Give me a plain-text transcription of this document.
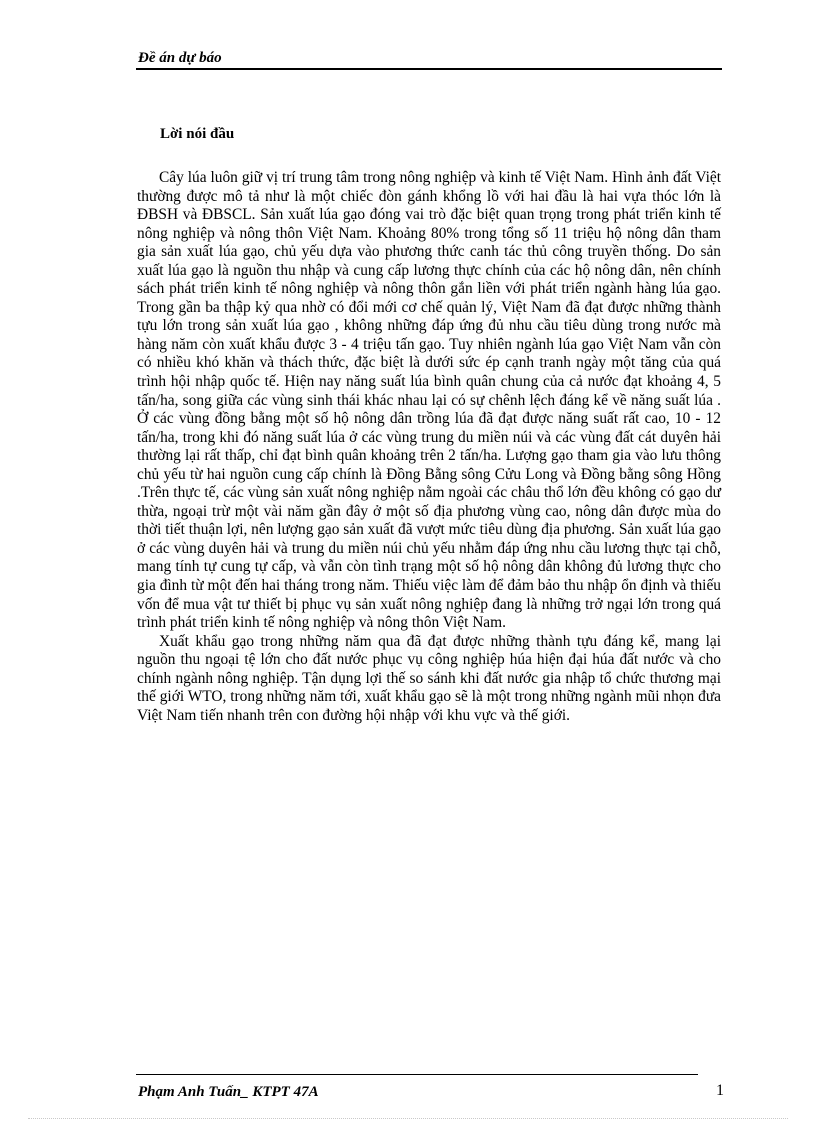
Đề án dự báo
Lời nói đầu

Cây lúa luôn giữ vị trí trung tâm trong nông nghiệp và kinh tế Việt Nam. Hình ảnh đất Việt thường được mô tả như là một chiếc đòn gánh khổng lồ với hai đầu là hai vựa thóc lớn là ĐBSH và ĐBSCL. Sản xuất lúa gạo đóng vai trò đặc biệt quan trọng trong phát triển kinh tế nông nghiệp và nông thôn Việt Nam. Khoảng 80% trong tổng số 11 triệu hộ nông dân tham gia sản xuất lúa gạo, chủ yếu dựa vào phương thức canh tác thủ công truyền thống. Do sản xuất lúa gạo là nguồn thu nhập và cung cấp lương thực chính của các hộ nông dân, nên chính sách phát triển kinh tế nông nghiệp và nông thôn gắn liền với phát triển ngành hàng lúa gạo. Trong gần ba thập kỷ qua nhờ có đổi mới cơ chế quản lý, Việt Nam đã đạt được những thành tựu lớn trong sản xuất lúa gạo , không những đáp ứng đủ nhu cầu tiêu dùng trong nước mà hàng năm còn xuất khẩu được 3 - 4 triệu tấn gạo. Tuy nhiên ngành lúa gạo Việt Nam vẫn còn có nhiều khó khăn và thách thức, đặc biệt là dưới sức ép cạnh tranh ngày một tăng của quá trình hội nhập quốc tế. Hiện nay năng suất lúa bình quân chung của cả nước đạt khoảng 4, 5 tấn/ha, song giữa các vùng sinh thái khác nhau lại có sự chênh lệch đáng kể về năng suất lúa . Ở các vùng đồng bằng một số hộ nông dân trồng lúa đã đạt được năng suất rất cao, 10 - 12 tấn/ha, trong khi đó năng suất lúa ở các vùng trung du miền núi và các vùng đất cát duyên hải thường lại rất thấp, chỉ đạt bình quân khoảng trên 2 tấn/ha. Lượng gạo tham gia vào lưu thông chủ yếu từ hai nguồn cung cấp chính là Đồng Bằng sông Cửu Long và Đồng bằng sông Hồng .Trên thực tế, các vùng sản xuất nông nghiệp nằm ngoài các châu thổ lớn đều không có gạo dư thừa, ngoại trừ một vài năm gần đây ở một số địa phương vùng cao, nông dân được mùa do thời tiết thuận lợi, nên lượng gạo sản xuất đã vượt mức tiêu dùng địa phương. Sản xuất lúa gạo ở các vùng duyên hải và trung du miền núi chủ yếu nhằm đáp ứng nhu cầu lương thực tại chỗ, mang tính tự cung tự cấp, và vẫn còn tình trạng một số hộ nông dân không đủ lương thực cho gia đình từ một đến hai tháng trong năm. Thiếu việc làm để đảm bảo thu nhập ổn định và thiếu vốn để mua vật tư thiết bị phục vụ sản xuất nông nghiệp đang là những trở ngại lớn trong quá trình phát triển kinh tế nông nghiệp và nông thôn Việt Nam.

Xuất khẩu gạo trong những năm qua đã đạt được những thành tựu đáng kể, mang lại nguồn thu ngoại tệ lớn cho đất nước phục vụ công nghiệp húa hiện đại húa đất nước và cho chính ngành nông nghiệp. Tận dụng lợi thế so sánh khi đất nước gia nhập tổ chức thương mại thế giới WTO, trong những năm tới, xuất khẩu gạo sẽ là một trong những ngành mũi nhọn đưa Việt Nam tiến nhanh trên con đường hội nhập với khu vực và thế giới.

Phạm Anh Tuấn_ KTPT 47A	1
